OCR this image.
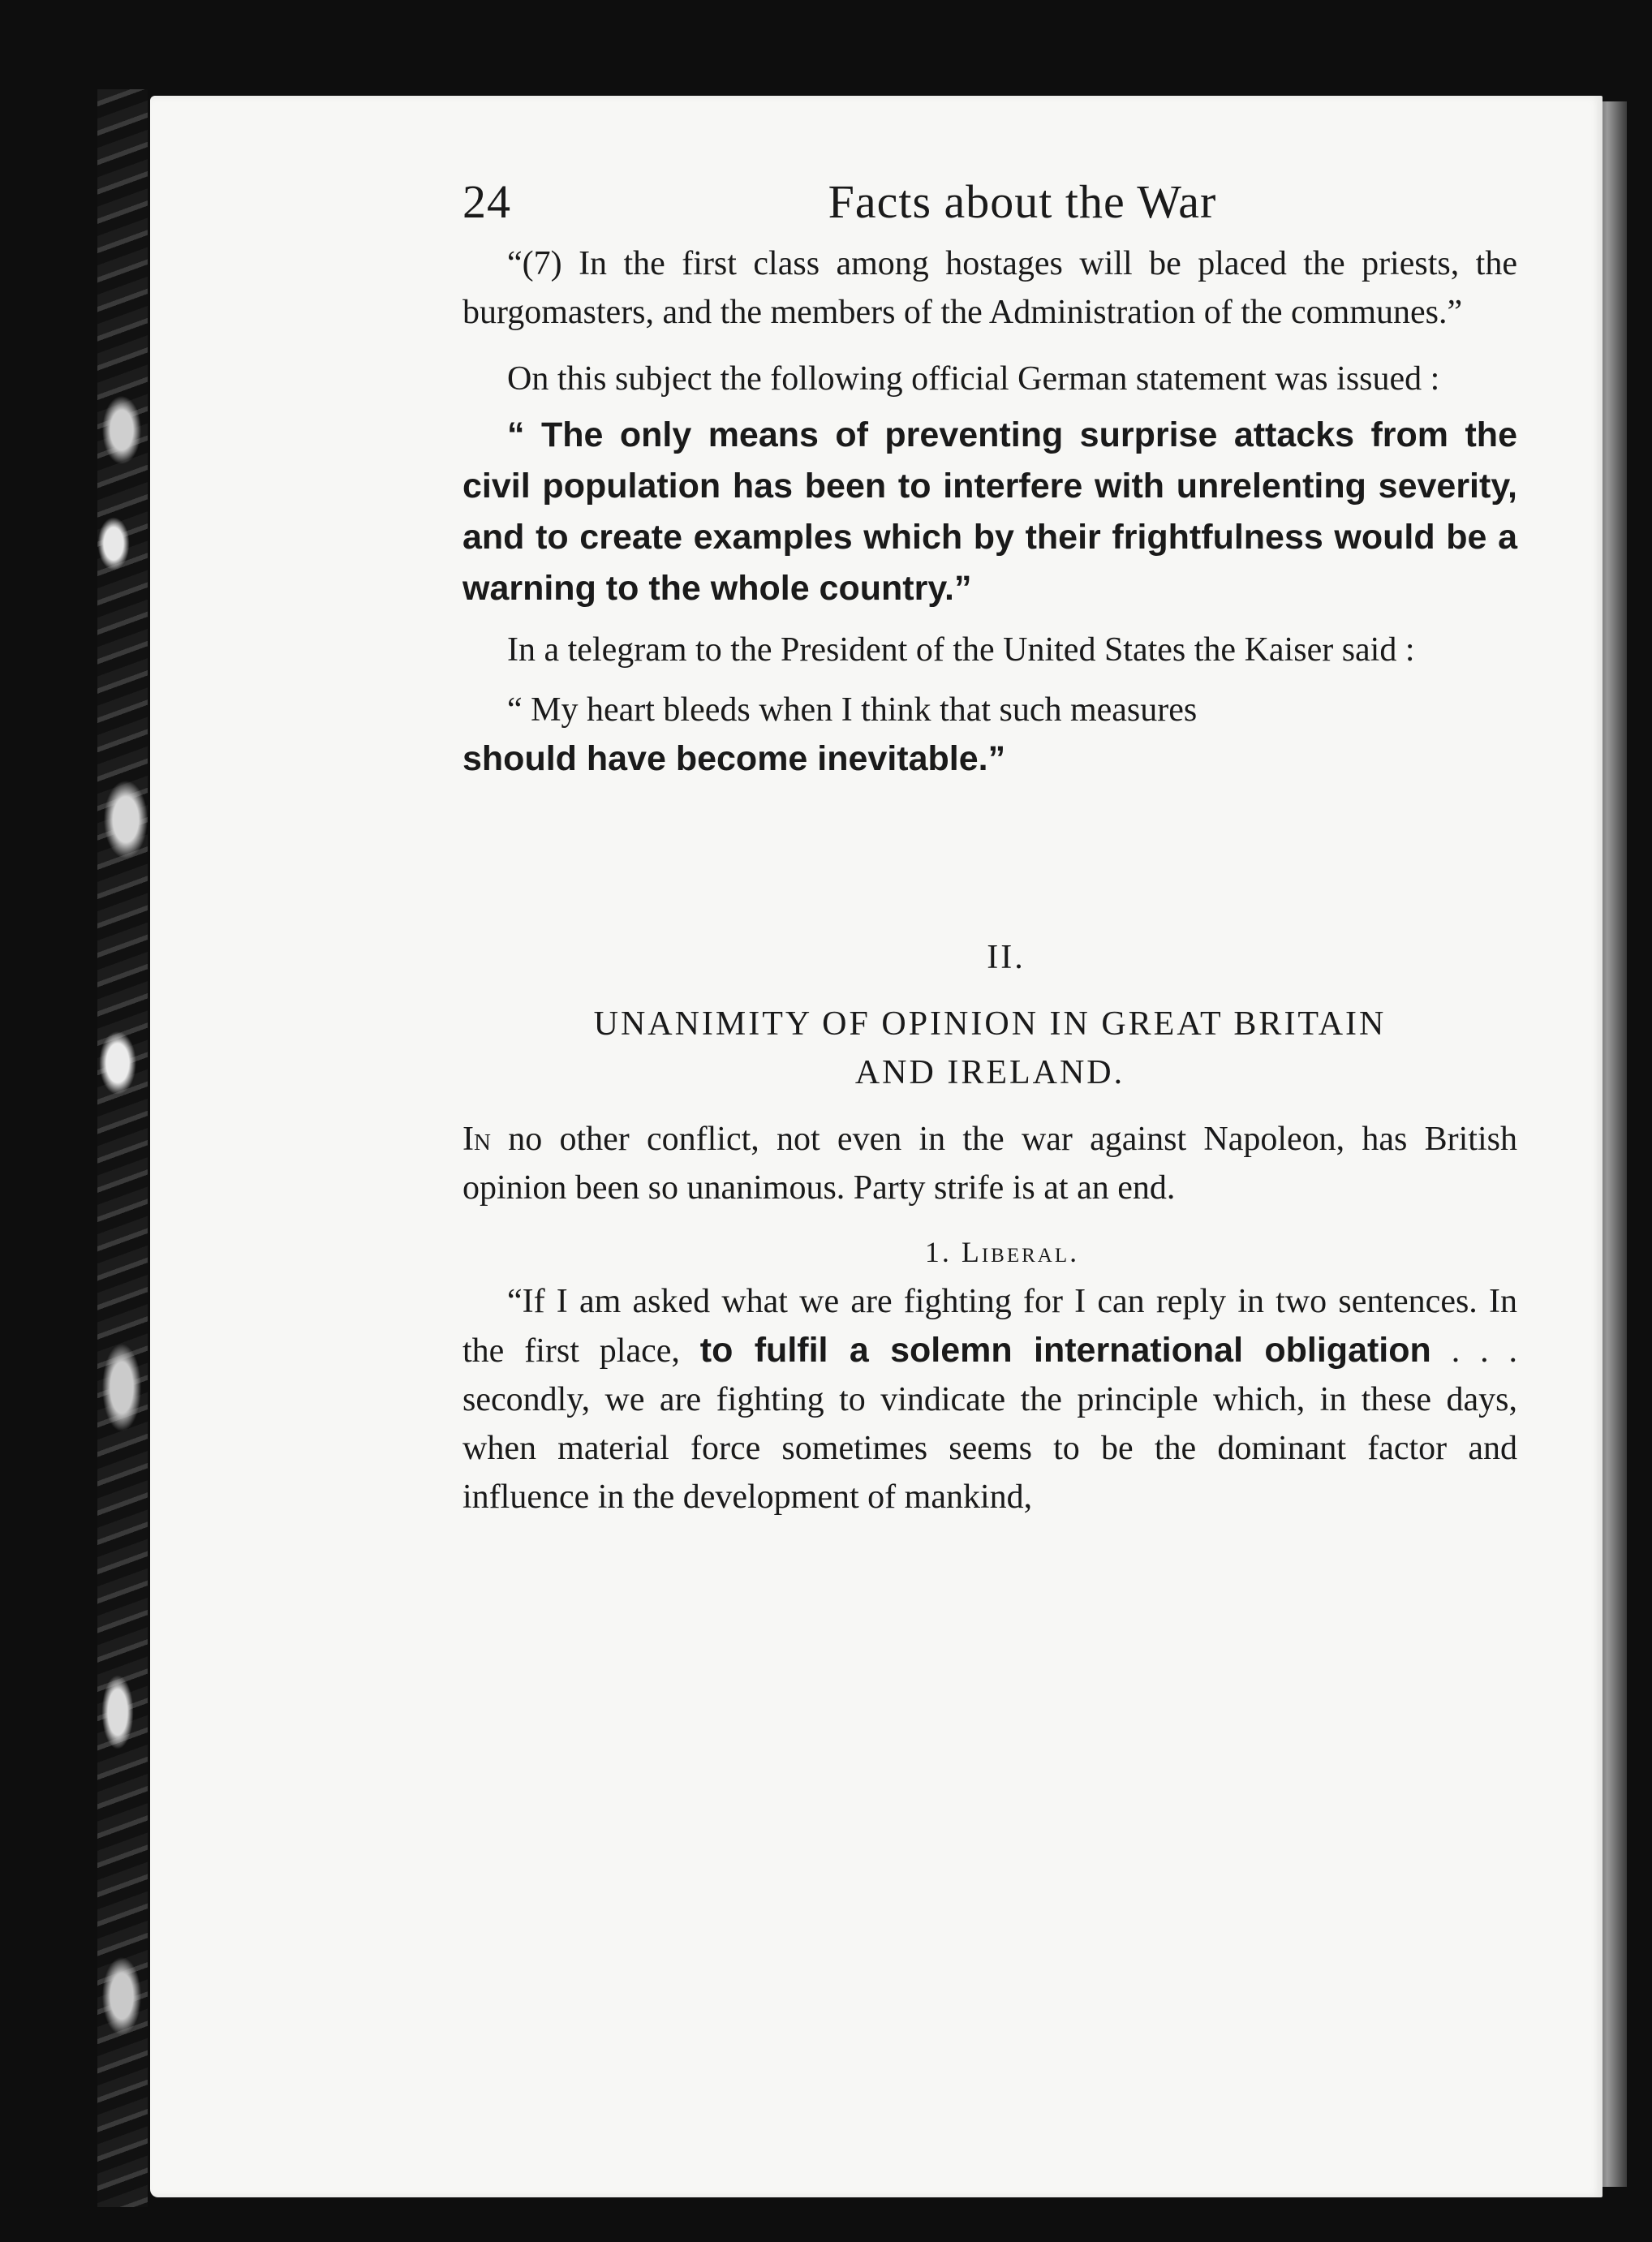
24	Facts about the War

“(7) In the first class among hostages will be placed the priests, the burgomasters, and the members of the Administration of the communes.”

On this subject the following official German statement was issued :

“ The only means of preventing surprise attacks from the civil population has been to interfere with unrelenting severity, and to create examples which by their frightfulness would be a warning to the whole country.”

In a telegram to the President of the United States the Kaiser said :

“ My heart bleeds when I think that such measures
should have become inevitable.”

II.
UNANIMITY OF OPINION IN GREAT BRITAIN
AND IRELAND.

In no other conflict, not even in the war against Napoleon, has British opinion been so unanimous. Party strife is at an end.

1. Liberal.

“If I am asked what we are fighting for I can reply in two sentences. In the first place, to fulfil a solemn international obligation . . . secondly, we are fighting to vindicate the principle which, in these days, when material force sometimes seems to be the dominant factor and influence in the development of mankind,
